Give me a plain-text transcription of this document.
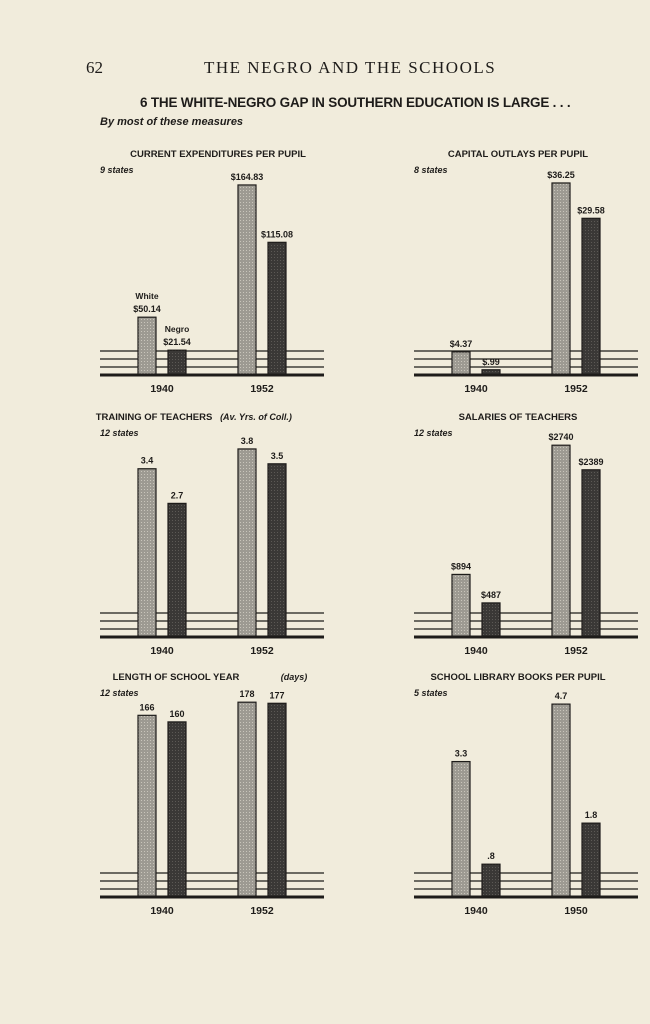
62	THE NEGRO AND THE SCHOOLS
6 THE WHITE-NEGRO GAP IN SOUTHERN EDUCATION IS LARGE . . .
By most of these measures
CURRENT EXPENDITURES PER PUPIL
9 states
$50.14
$21.54
1940
$164.83
$115.08
1952
White
Negro
CAPITAL OUTLAYS PER PUPIL
8 states
$4.37
$.99
1940
$36.25
$29.58
1952
TRAINING OF TEACHERS (Av. Yrs. of Coll.)
12 states
3.4
2.7
1940
3.8
3.5
1952
SALARIES OF TEACHERS
12 states
$894
$487
1940
$2740
$2389
1952
LENGTH OF SCHOOL YEAR	(days)
12 states
166
160
1940
178 177
1952
SCHOOL LIBRARY BOOKS PER PUPIL
5 states
3.3
.8
1940
4.7
1.8
1950
